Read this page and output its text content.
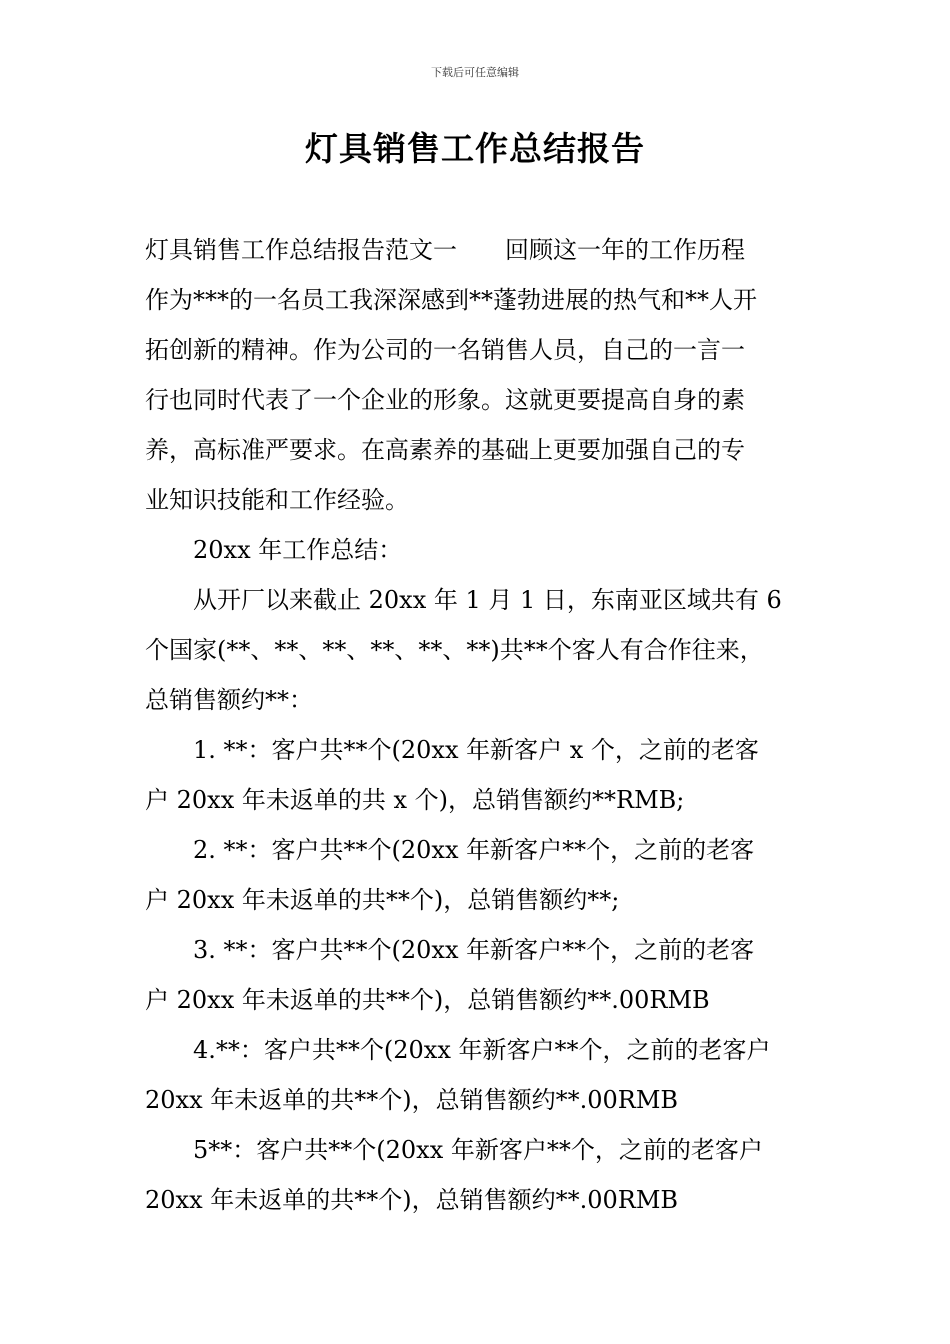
下载后可任意编辑
灯具销售工作总结报告

灯具销售工作总结报告范文一　　回顾这一年的工作历程
作为***的一名员工我深深感到**蓬勃进展的热气和**人开
拓创新的精神。作为公司的一名销售人员，自己的一言一
行也同时代表了一个企业的形象。这就更要提高自身的素
养，高标准严要求。在高素养的基础上更要加强自己的专
业知识技能和工作经验。

　　20xx 年工作总结：

　　从开厂以来截止 20xx 年 1 月 1 日，东南亚区域共有 6
个国家(**、**、**、**、**、**)共**个客人有合作往来，
总销售额约**：

　　1. **：客户共**个(20xx 年新客户 x 个，之前的老客
户 20xx 年未返单的共 x 个)，总销售额约**RMB;

　　2. **：客户共**个(20xx 年新客户**个，之前的老客
户 20xx 年未返单的共**个)，总销售额约**;

　　3. **：客户共**个(20xx 年新客户**个，之前的老客
户 20xx 年未返单的共**个)，总销售额约**.00RMB

　　4.**：客户共**个(20xx 年新客户**个，之前的老客户
20xx 年未返单的共**个)，总销售额约**.00RMB

　　5**：客户共**个(20xx 年新客户**个，之前的老客户
20xx 年未返单的共**个)，总销售额约**.00RMB
